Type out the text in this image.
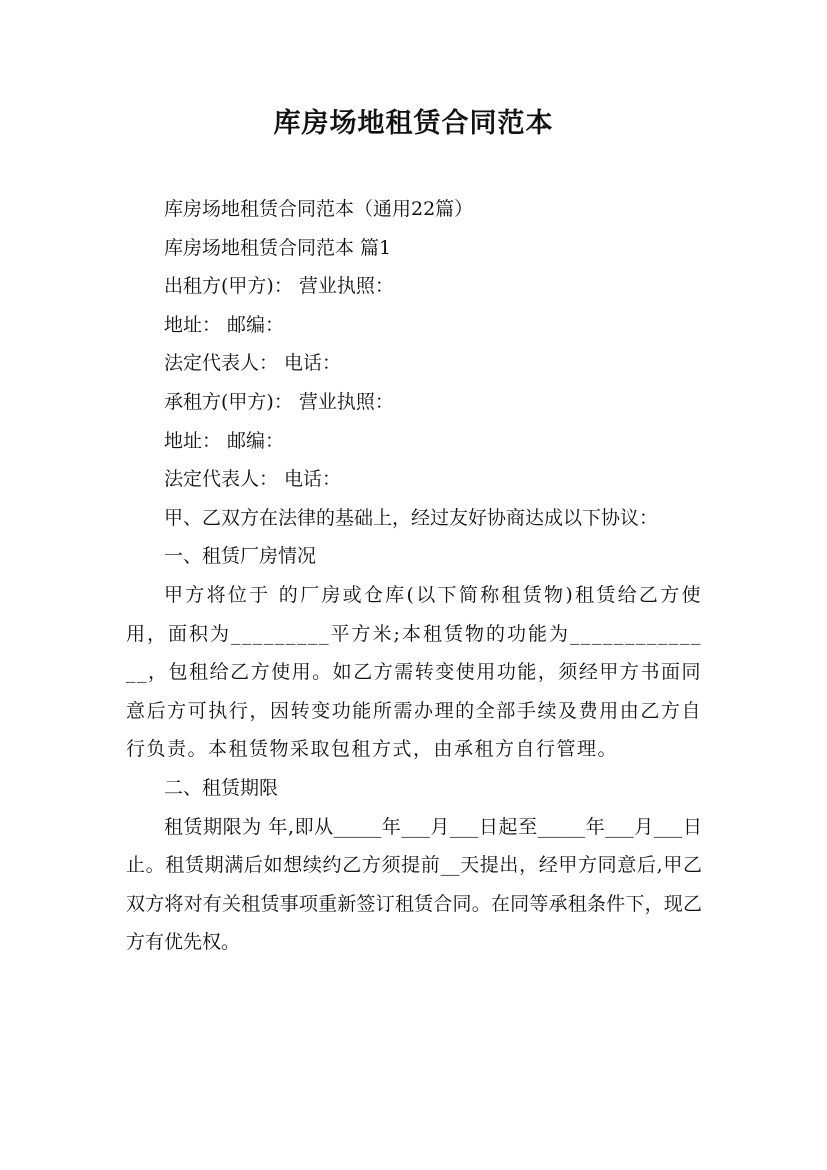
库房场地租赁合同范本

库房场地租赁合同范本（通用22篇）

库房场地租赁合同范本 篇1

出租方(甲方)： 营业执照：

地址： 邮编：

法定代表人： 电话：

承租方(甲方)： 营业执照：

地址： 邮编：

法定代表人： 电话：

甲、乙双方在法律的基础上，经过友好协商达成以下协议：

一、租赁厂房情况

甲方将位于 的厂房或仓库(以下简称租赁物)租赁给乙方使用，面积为_________平方米;本租赁物的功能为______________，包租给乙方使用。如乙方需转变使用功能，须经甲方书面同意后方可执行，因转变功能所需办理的全部手续及费用由乙方自行负责。本租赁物采取包租方式，由承租方自行管理。

二、租赁期限

租赁期限为 年,即从_____年___月___日起至_____年___月___日止。租赁期满后如想续约乙方须提前__天提出，经甲方同意后,甲乙双方将对有关租赁事项重新签订租赁合同。在同等承租条件下，现乙方有优先权。
